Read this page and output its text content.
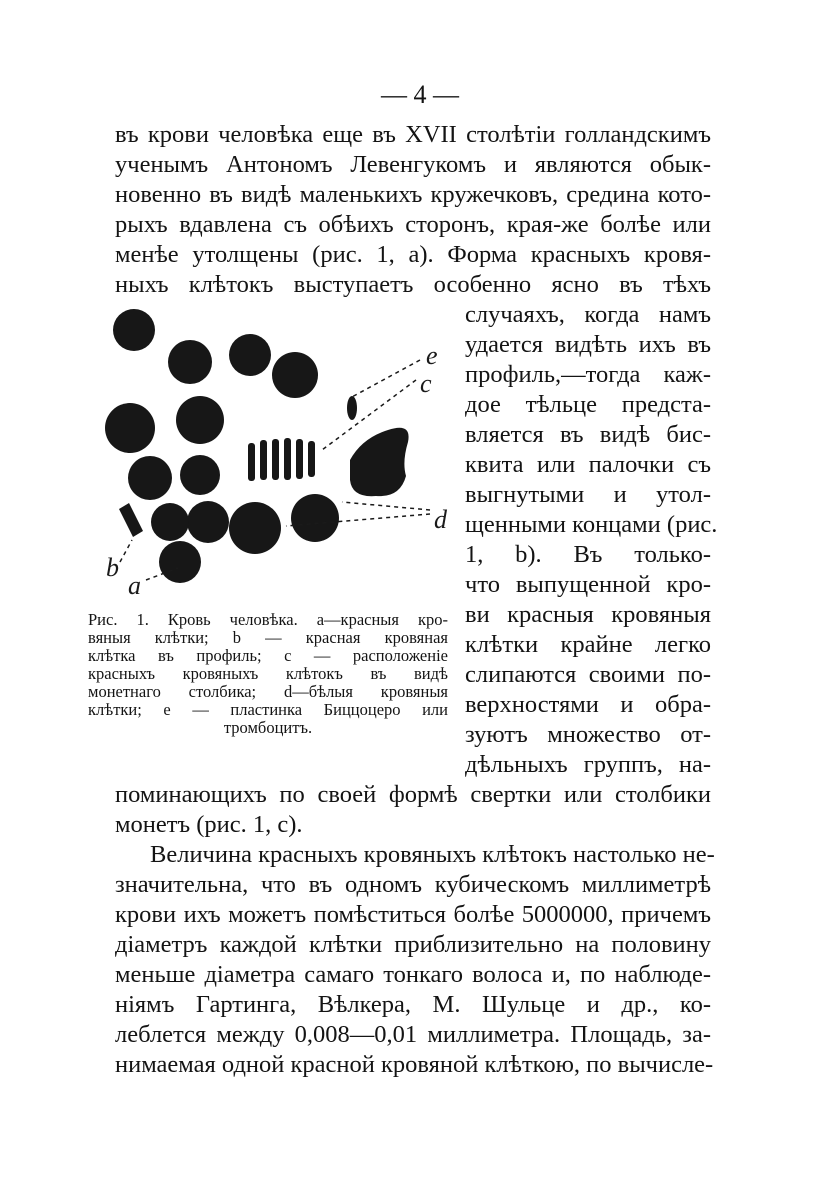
— 4 —
въ крови человѣка еще въ XVII столѣтіи голландскимъ
ученымъ Антономъ Левенгукомъ и являются обык-
новенно въ видѣ маленькихъ кружечковъ, средина кото-
рыхъ вдавлена съ обѣихъ сторонъ, края-же болѣе или
менѣе утолщены (рис. 1, а). Форма красныхъ кровя-
ныхъ клѣтокъ выступаетъ особенно ясно въ тѣхъ
случаяхъ, когда намъ
удается видѣть ихъ въ
профиль,—тогда каж-
дое тѣльце предста-
вляется въ видѣ бис-
квита или палочки съ
выгнутыми и утол-
щенными концами (рис.
1, b). Въ только-
что выпущенной кро-
ви красныя кровяныя
клѣтки крайне легко
слипаются своими по-
верхностями и обра-
зуютъ множество от-
дѣльныхъ группъ, на-
e
c
d
b
a
Рис. 1. Кровь человѣка. a—красныя кро-
вяныя клѣтки; b — красная кровяная
клѣтка въ профиль; c — расположеніе
красныхъ кровяныхъ клѣтокъ въ видѣ
монетнаго столбика; d—бѣлыя кровяныя
клѣтки; e — пластинка Биццоцеро или
тромбоцитъ.
поминающихъ по своей формѣ свертки или столбики
монетъ (рис. 1, c).
Величина красныхъ кровяныхъ клѣтокъ настолько не-
значительна, что въ одномъ кубическомъ миллиметрѣ
крови ихъ можетъ помѣститься болѣе 5000000, причемъ
діаметръ каждой клѣтки приблизительно на половину
меньше діаметра самаго тонкаго волоса и, по наблюде-
ніямъ Гартинга, Вѣлкера, М. Шульце и др., ко-
леблется между 0,008—0,01 миллиметра. Площадь, за-
нимаемая одной красной кровяной клѣткою, по вычисле-
